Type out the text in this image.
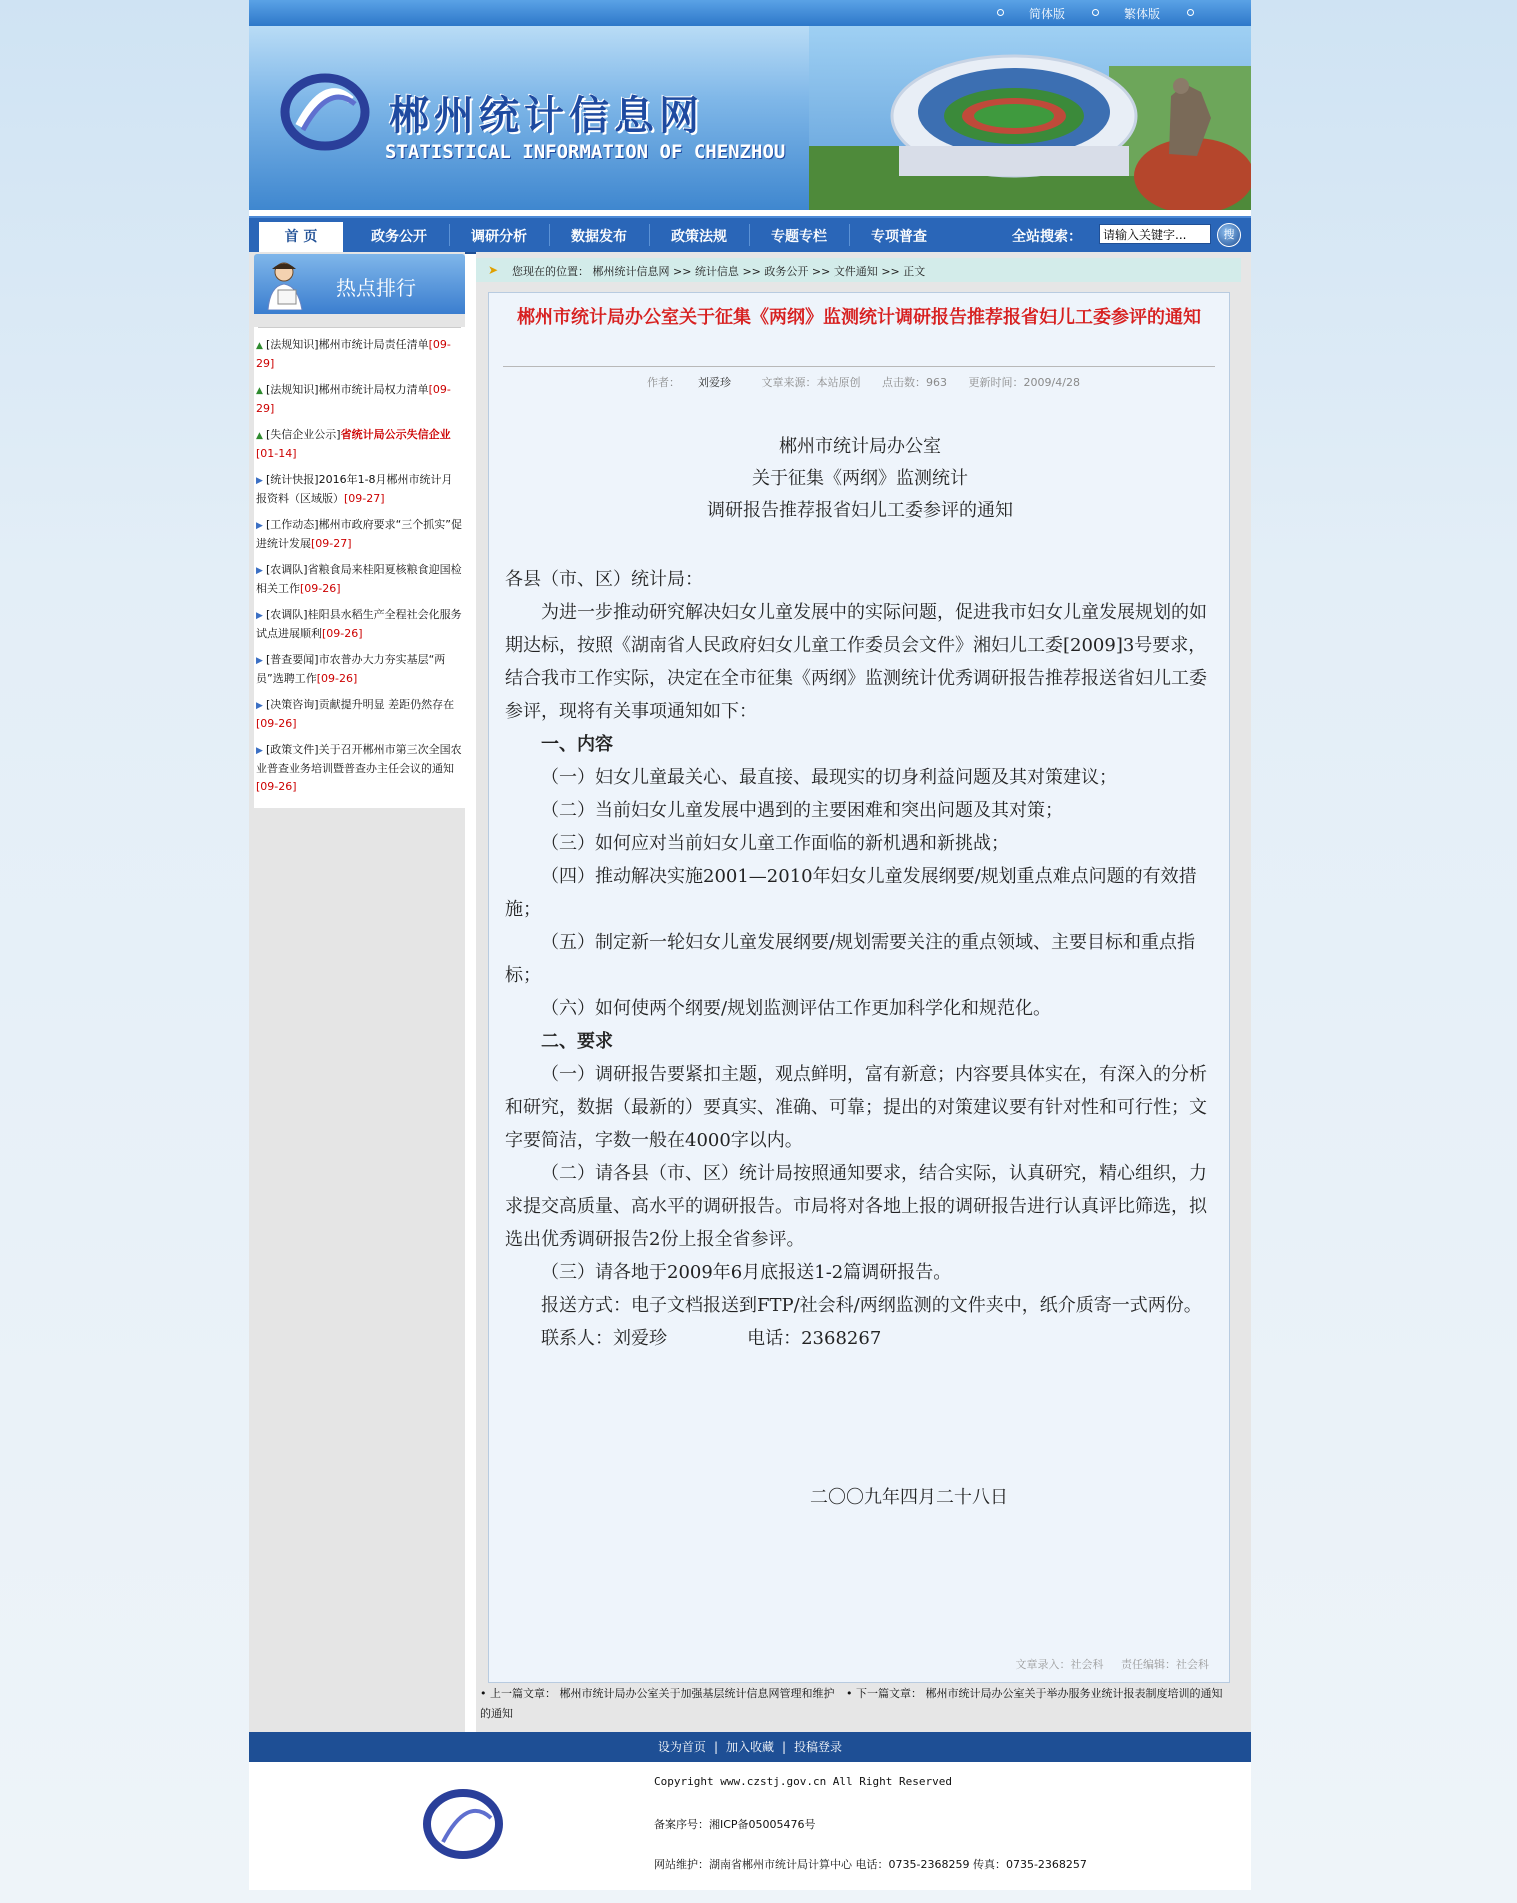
简体版	繁体版
郴州统计信息网
STATISTICAL INFORMATION OF CHENZHOU
首 页	政务公开	调研分析	数据发布	政策法规	专题专栏	专项普查	全站搜索：
请输入关键字...	搜
热点排行
▲ [法规知识]郴州市统计局责任清单[09-29]
▲ [法规知识]郴州市统计局权力清单[09-29]
▲ [失信企业公示]省统计局公示失信企业[01-14]
▶ [统计快报]2016年1-8月郴州市统计月报资料（区域版）[09-27]
▶ [工作动态]郴州市政府要求“三个抓实”促进统计发展[09-27]
▶ [农调队]省粮食局来桂阳夏核粮食迎国检相关工作[09-26]
▶ [农调队]桂阳县水稻生产全程社会化服务试点进展顺利[09-26]
▶ [普查要闻]市农普办大力夯实基层“两员”选聘工作[09-26]
▶ [决策咨询]贡献提升明显 差距仍然存在[09-26]
▶ [政策文件]关于召开郴州市第三次全国农业普查业务培训暨普查办主任会议的通知[09-26]
➤ 您现在的位置： 郴州统计信息网 >> 统计信息 >> 政务公开 >> 文件通知 >> 正文
郴州市统计局办公室关于征集《两纲》监测统计调研报告推荐报省妇儿工委参评的通知
作者： 刘爱珍	文章来源：本站原创 点击数：963 更新时间：2009/4/28
郴州市统计局办公室
关于征集《两纲》监测统计
调研报告推荐报省妇儿工委参评的通知
各县（市、区）统计局：
为进一步推动研究解决妇女儿童发展中的实际问题，促进我市妇女儿童发展规划的如期达标，按照《湖南省人民政府妇女儿童工作委员会文件》湘妇儿工委[2009]3号要求，结合我市工作实际，决定在全市征集《两纲》监测统计优秀调研报告推荐报送省妇儿工委参评，现将有关事项通知如下：
一、内容
（一）妇女儿童最关心、最直接、最现实的切身利益问题及其对策建议；
（二）当前妇女儿童发展中遇到的主要困难和突出问题及其对策；
（三）如何应对当前妇女儿童工作面临的新机遇和新挑战；
（四）推动解决实施2001—2010年妇女儿童发展纲要/规划重点难点问题的有效措施；
（五）制定新一轮妇女儿童发展纲要/规划需要关注的重点领域、主要目标和重点指标；
（六）如何使两个纲要/规划监测评估工作更加科学化和规范化。
二、要求
（一）调研报告要紧扣主题，观点鲜明，富有新意；内容要具体实在，有深入的分析和研究，数据（最新的）要真实、准确、可靠；提出的对策建议要有针对性和可行性；文字要简洁，字数一般在4000字以内。
（二）请各县（市、区）统计局按照通知要求，结合实际，认真研究，精心组织，力求提交高质量、高水平的调研报告。市局将对各地上报的调研报告进行认真评比筛选，拟选出优秀调研报告2份上报全省参评。
（三）请各地于2009年6月底报送1-2篇调研报告。
报送方式：电子文档报送到FTP/社会科/两纲监测的文件夹中，纸介质寄一式两份。
联系人：刘爱珍              电话：2368267
二〇〇九年四月二十八日
文章录入：社会科 责任编辑：社会科
• 上一篇文章： 郴州市统计局办公室关于加强基层统计信息网管理和维护的通知
• 下一篇文章： 郴州市统计局办公室关于举办服务业统计报表制度培训的通知
设为首页 | 加入收藏 | 投稿登录
Copyright www.czstj.gov.cn All Right Reserved
备案序号：湘ICP备05005476号
网站维护：湖南省郴州市统计局计算中心 电话：0735-2368259 传真：0735-2368257
